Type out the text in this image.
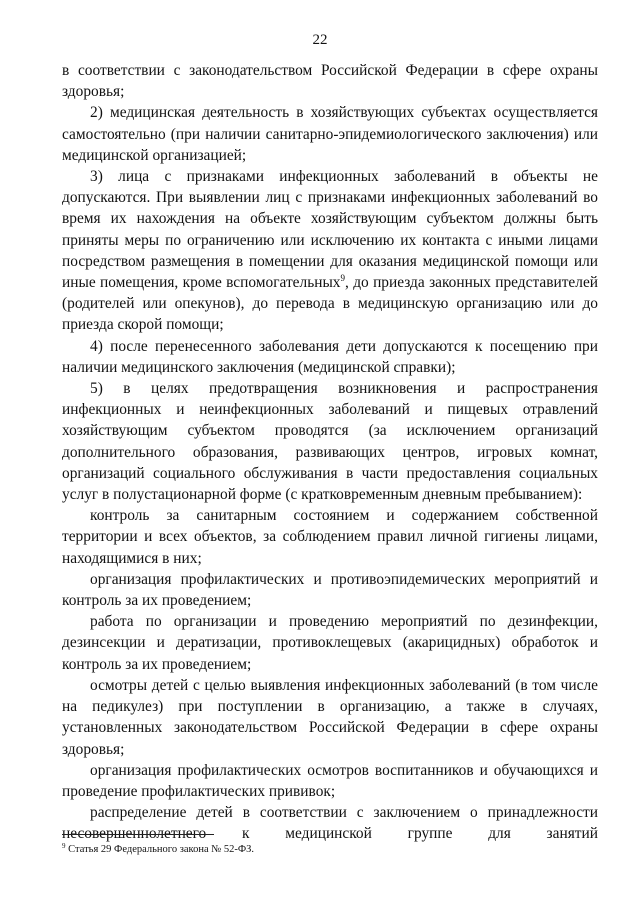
22

в соответствии с законодательством Российской Федерации в сфере охраны здоровья;

2) медицинская деятельность в хозяйствующих субъектах осуществляется самостоятельно (при наличии санитарно-эпидемиологического заключения) или медицинской организацией;

3) лица с признаками инфекционных заболеваний в объекты не допускаются. При выявлении лиц с признаками инфекционных заболеваний во время их нахождения на объекте хозяйствующим субъектом должны быть приняты меры по ограничению или исключению их контакта с иными лицами посредством размещения в помещении для оказания медицинской помощи или иные помещения, кроме вспомогательных$^9$, до приезда законных представителей (родителей или опекунов), до перевода в медицинскую организацию или до приезда скорой помощи;

4) после перенесенного заболевания дети допускаются к посещению при наличии медицинского заключения (медицинской справки);

5) в целях предотвращения возникновения и распространения инфекционных и неинфекционных заболеваний и пищевых отравлений хозяйствующим субъектом проводятся (за исключением организаций дополнительного образования, развивающих центров, игровых комнат, организаций социального обслуживания в части предоставления социальных услуг в полустационарной форме (с кратковременным дневным пребыванием):

контроль за санитарным состоянием и содержанием собственной территории и всех объектов, за соблюдением правил личной гигиены лицами, находящимися в них;

организация профилактических и противоэпидемических мероприятий и контроль за их проведением;

работа по организации и проведению мероприятий по дезинфекции, дезинсекции и дератизации, противоклещевых (акарицидных) обработок и контроль за их проведением;

осмотры детей с целью выявления инфекционных заболеваний (в том числе на педикулез) при поступлении в организацию, а также в случаях, установленных законодательством Российской Федерации в сфере охраны здоровья;

организация профилактических осмотров воспитанников и обучающихся и проведение профилактических прививок;

распределение детей в соответствии с заключением о принадлежности несовершеннолетнего к медицинской группе для занятий

$^9$ Статья 29 Федерального закона № 52-ФЗ.
